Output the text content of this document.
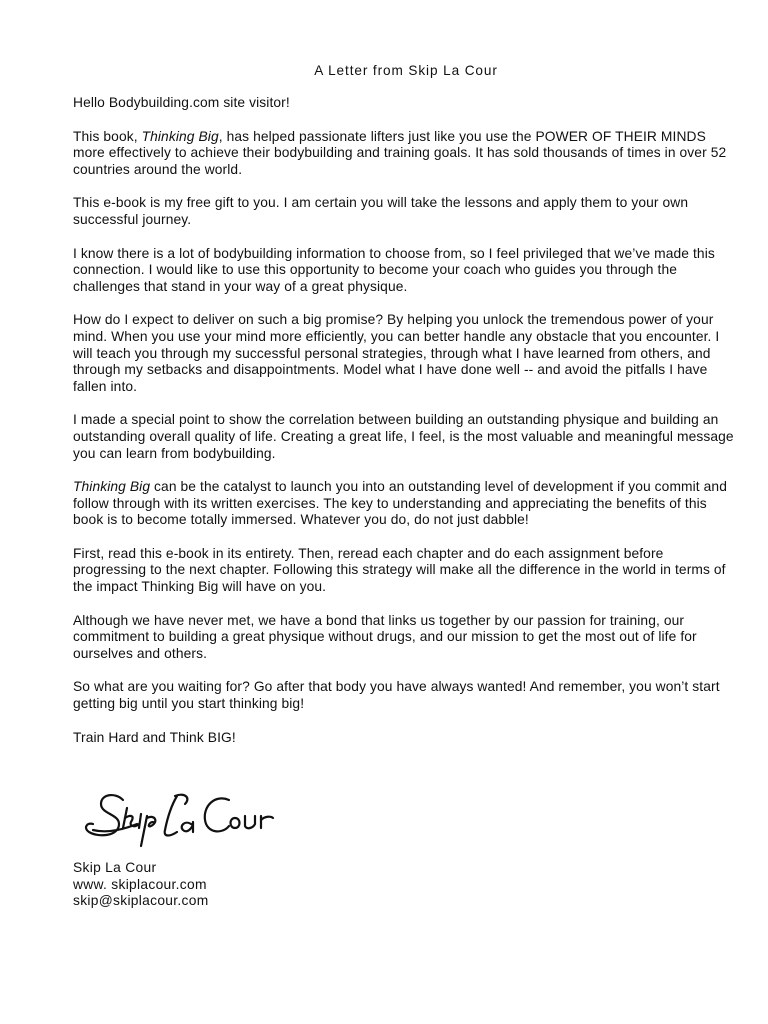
A Letter from Skip La Cour

Hello Bodybuilding.com site visitor!

This book, Thinking Big, has helped passionate lifters just like you use the POWER OF THEIR MINDS more effectively to achieve their bodybuilding and training goals. It has sold thousands of times in over 52 countries around the world.

This e-book is my free gift to you. I am certain you will take the lessons and apply them to your own successful journey.

I know there is a lot of bodybuilding information to choose from, so I feel privileged that we’ve made this connection. I would like to use this opportunity to become your coach who guides you through the challenges that stand in your way of a great physique.

How do I expect to deliver on such a big promise? By helping you unlock the tremendous power of your mind. When you use your mind more efficiently, you can better handle any obstacle that you encounter. I will teach you through my successful personal strategies, through what I have learned from others, and through my setbacks and disappointments. Model what I have done well -- and avoid the pitfalls I have fallen into.

I made a special point to show the correlation between building an outstanding physique and building an outstanding overall quality of life. Creating a great life, I feel, is the most valuable and meaningful message you can learn from bodybuilding.

Thinking Big can be the catalyst to launch you into an outstanding level of development if you commit and follow through with its written exercises. The key to understanding and appreciating the benefits of this book is to become totally immersed. Whatever you do, do not just dabble!

First, read this e-book in its entirety. Then, reread each chapter and do each assignment before progressing to the next chapter. Following this strategy will make all the difference in the world in terms of the impact Thinking Big will have on you.

Although we have never met, we have a bond that links us together by our passion for training, our commitment to building a great physique without drugs, and our mission to get the most out of life for ourselves and others.

So what are you waiting for? Go after that body you have always wanted! And remember, you won’t start getting big until you start thinking big!

Train Hard and Think BIG!

Skip La Cour
www. skiplacour.com
skip@skiplacour.com
